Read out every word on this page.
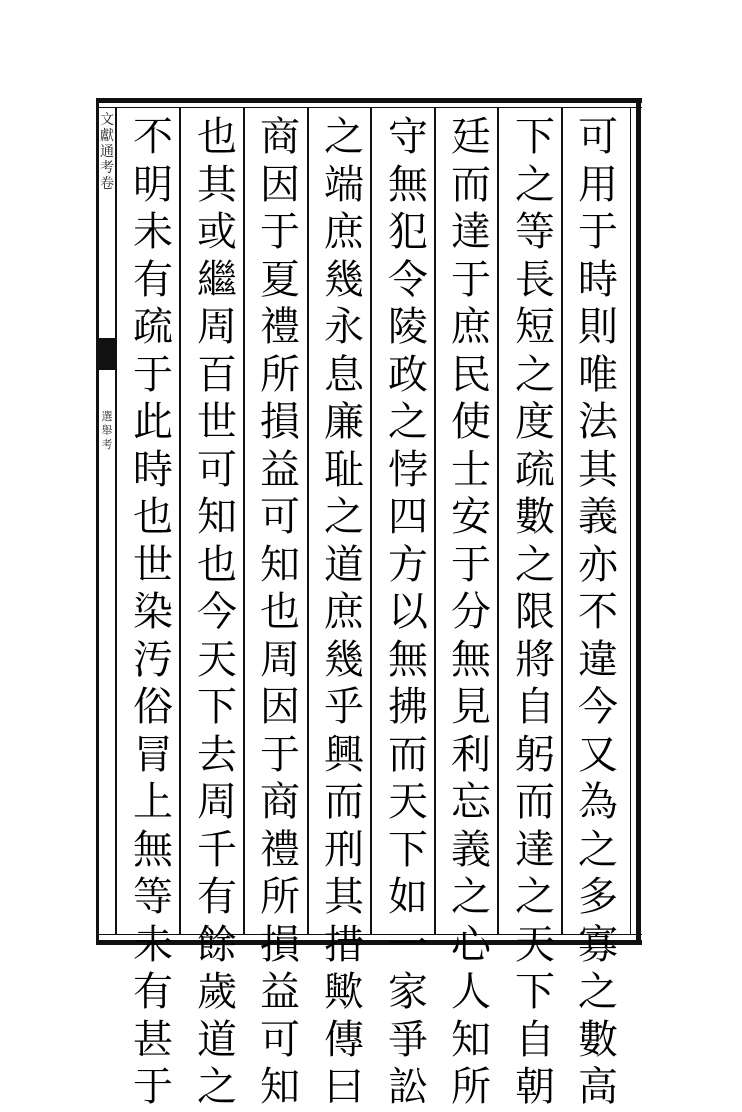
文獻通考卷
選舉考
可用于時則唯法其義亦不違今又為之多寡之數高
下之等長短之度疏數之限將自躬而達之天下自朝
廷而達于庶民使士安于分無見利忘義之心人知所
守無犯令陵政之悖四方以無拂而天下如一家爭訟
之端庶幾永息廉耻之道庶幾乎興而刑其措歟傳曰
商因于夏禮所損益可知也周因于商禮所損益可知
也其或繼周百世可知也今天下去周千有餘歲道之
不明未有疏于此時也世染汚俗冐上無等未有甚于
